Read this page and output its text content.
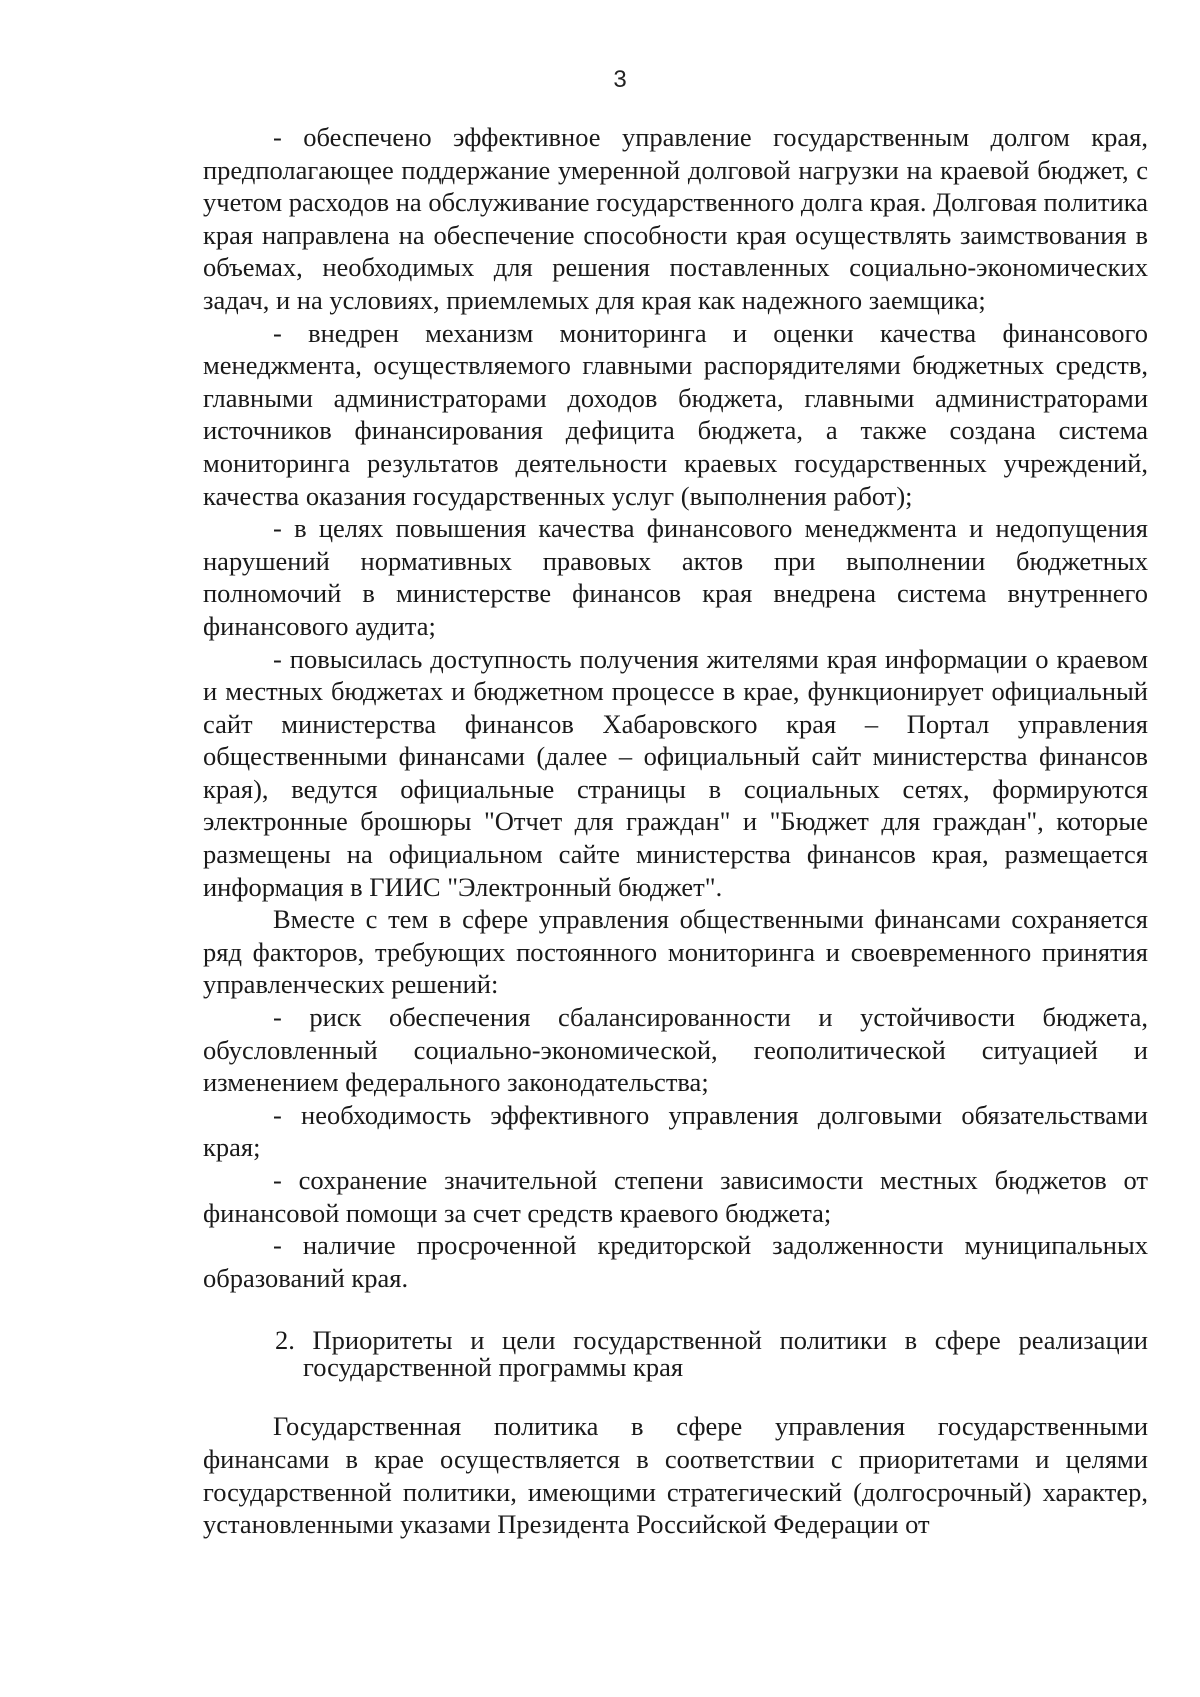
3

- обеспечено эффективное управление государственным долгом края, предполагающее поддержание умеренной долговой нагрузки на краевой бюджет, с учетом расходов на обслуживание государственного долга края. Долговая политика края направлена на обеспечение способности края осуществлять заимствования в объемах, необходимых для решения поставленных социально-экономических задач, и на условиях, приемлемых для края как надежного заемщика;

- внедрен механизм мониторинга и оценки качества финансового менеджмента, осуществляемого главными распорядителями бюджетных средств, главными администраторами доходов бюджета, главными администраторами источников финансирования дефицита бюджета, а также создана система мониторинга результатов деятельности краевых государственных учреждений, качества оказания государственных услуг (выполнения работ);

- в целях повышения качества финансового менеджмента и недопущения нарушений нормативных правовых актов при выполнении бюджетных полномочий в министерстве финансов края внедрена система внутреннего финансового аудита;

- повысилась доступность получения жителями края информации о краевом и местных бюджетах и бюджетном процессе в крае, функционирует официальный сайт министерства финансов Хабаровского края – Портал управления общественными финансами (далее – официальный сайт министерства финансов края), ведутся официальные страницы в социальных сетях, формируются электронные брошюры "Отчет для граждан" и "Бюджет для граждан", которые размещены на официальном сайте министерства финансов края, размещается информация в ГИИС "Электронный бюджет".

Вместе с тем в сфере управления общественными финансами сохраняется ряд факторов, требующих постоянного мониторинга и своевременного принятия управленческих решений:

- риск обеспечения сбалансированности и устойчивости бюджета, обусловленный социально-экономической, геополитической ситуацией и изменением федерального законодательства;

- необходимость эффективного управления долговыми обязательствами края;

- сохранение значительной степени зависимости местных бюджетов от финансовой помощи за счет средств краевого бюджета;

- наличие просроченной кредиторской задолженности муниципальных образований края.

2. Приоритеты и цели государственной политики в сфере реализации государственной программы края

Государственная политика в сфере управления государственными финансами в крае осуществляется в соответствии с приоритетами и целями государственной политики, имеющими стратегический (долгосрочный) характер, установленными указами Президента Российской Федерации от
